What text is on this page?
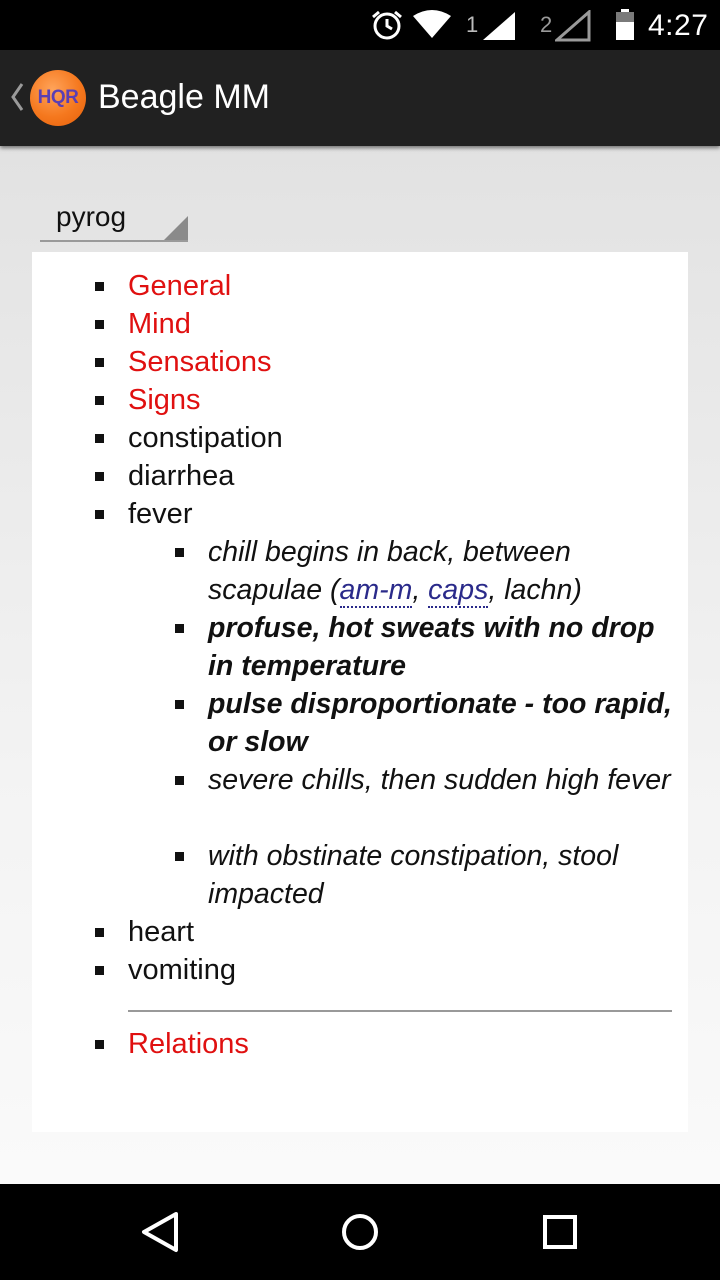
1	2	4:27
HQR Beagle MM
pyrog
General
Mind
Sensations
Signs
constipation
diarrhea
fever
chill begins in back, between scapulae (am-m, caps, lachn)
profuse, hot sweats with no drop in temperature
pulse disproportionate - too rapid, or slow
severe chills, then sudden high fever
with obstinate constipation, stool impacted
heart
vomiting
Relations
